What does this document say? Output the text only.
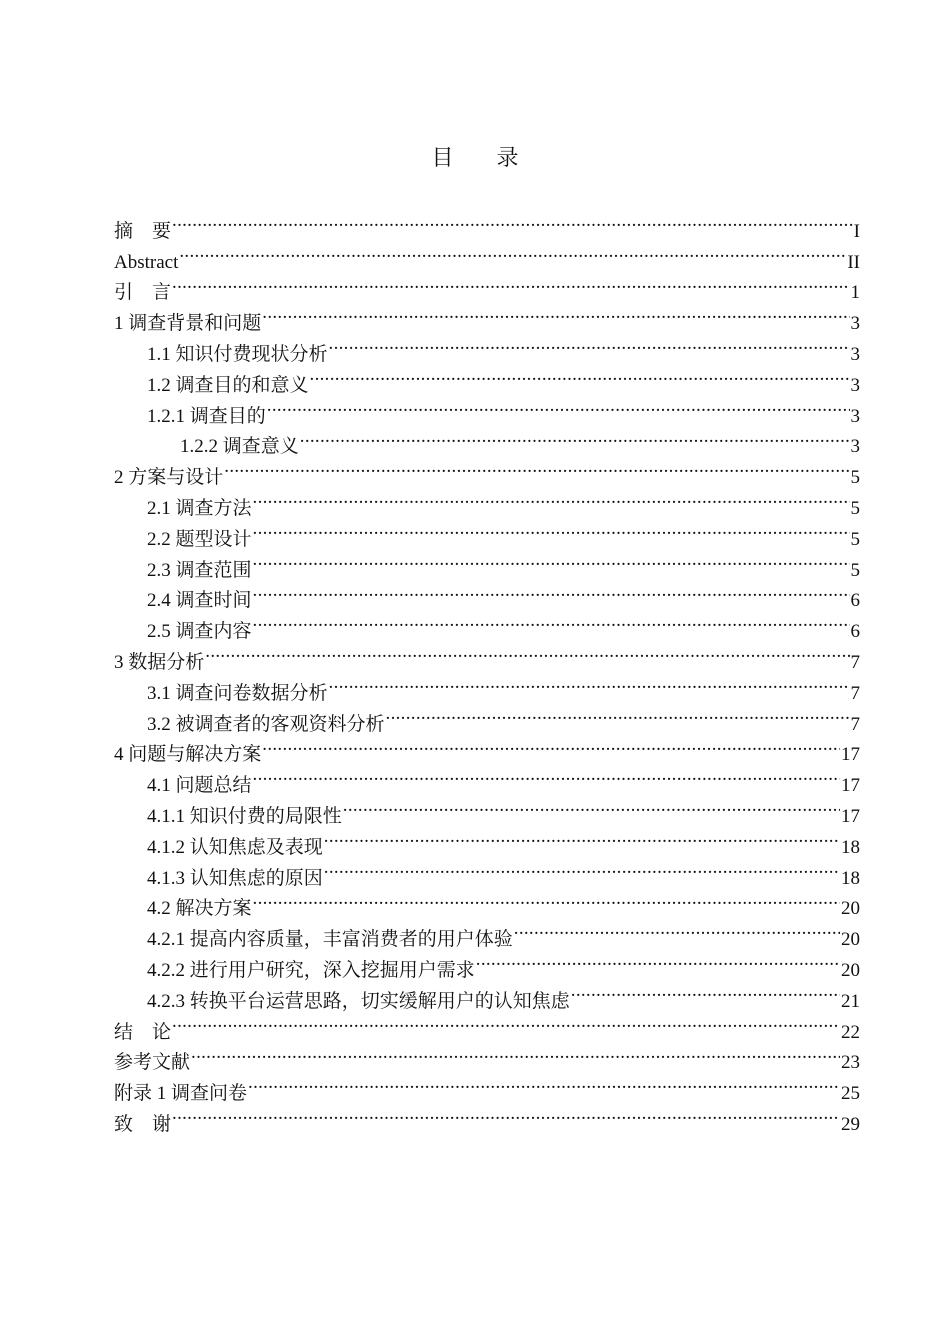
目 录
摘　要 .....	I
Abstract .....	II
引　言 .....	1
1 调查背景和问题 .....	3
1.1 知识付费现状分析 .....	3
1.2 调查目的和意义 .....	3
1.2.1 调查目的 .....	3
1.2.2 调查意义 .....	3
2 方案与设计 .....	5
2.1 调查方法 .....	5
2.2 题型设计 .....	5
2.3 调查范围 .....	5
2.4 调查时间 .....	6
2.5 调查内容 .....	6
3 数据分析 .....	7
3.1 调查问卷数据分析 .....	7
3.2 被调查者的客观资料分析 .....	7
4 问题与解决方案 .....	17
4.1 问题总结 .....	17
4.1.1 知识付费的局限性 .....	17
4.1.2 认知焦虑及表现 .....	18
4.1.3 认知焦虑的原因 .....	18
4.2 解决方案 .....	20
4.2.1 提高内容质量，丰富消费者的用户体验 .....	20
4.2.2 进行用户研究，深入挖掘用户需求 .....	20
4.2.3 转换平台运营思路，切实缓解用户的认知焦虑 .....	21
结　论 .....	22
参考文献 .....	23
附录 1 调查问卷 .....	25
致　谢 .....	29
